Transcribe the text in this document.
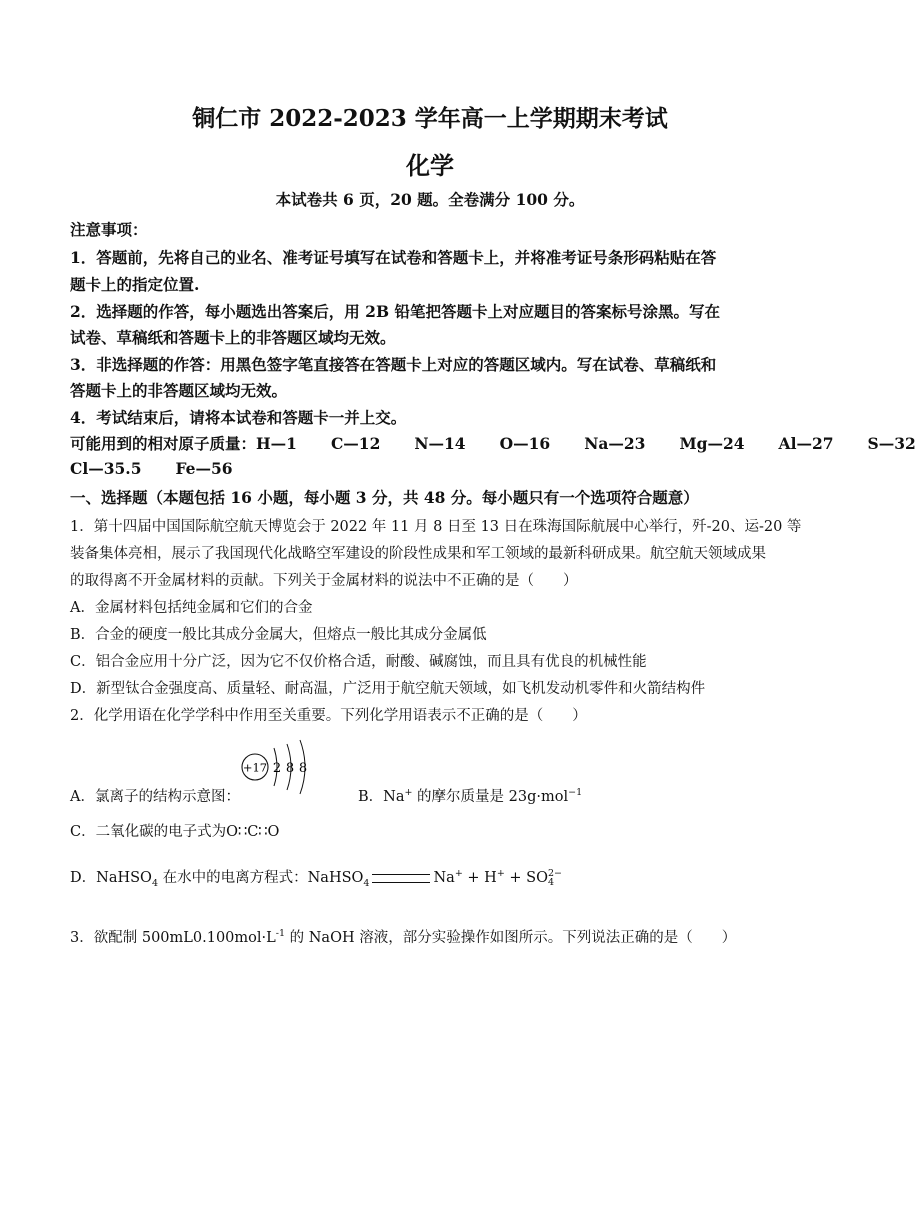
铜仁市 2022-2023 学年高一上学期期末考试
化学
本试卷共 6 页，20 题。全卷满分 100 分。
注意事项：
1．答题前，先将自己的业名、准考证号填写在试卷和答题卡上，并将准考证号条形码粘贴在答
题卡上的指定位置.
2．选择题的作答，每小题选出答案后，用 2B 铅笔把答题卡上对应题目的答案标号涂黑。写在
试卷、草稿纸和答题卡上的非答题区域均无效。
3．非选择题的作答：用黑色签字笔直接答在答题卡上对应的答题区域内。写在试卷、草稿纸和
答题卡上的非答题区域均无效。
4．考试结束后，请将本试卷和答题卡一并上交。
可能用到的相对原子质量：H—1 C—12 N—14 O—16 Na—23 Mg—24 Al—27 S—32
Cl—35.5 Fe—56
一、选择题（本题包括 16 小题，每小题 3 分，共 48 分。每小题只有一个选项符合题意）
1．第十四届中国国际航空航天博览会于 2022 年 11 月 8 日至 13 日在珠海国际航展中心举行，歼-20、运-20 等
装备集体亮相，展示了我国现代化战略空军建设的阶段性成果和军工领域的最新科研成果。航空航天领域成果
的取得离不开金属材料的贡献。下列关于金属材料的说法中不正确的是（　　）
A．金属材料包括纯金属和它们的合金
B．合金的硬度一般比其成分金属大，但熔点一般比其成分金属低
C．铝合金应用十分广泛，因为它不仅价格合适，耐酸、碱腐蚀，而且具有优良的机械性能
D．新型钛合金强度高、质量轻、耐高温，广泛用于航空航天领域，如飞机发动机零件和火箭结构件
2．化学用语在化学学科中作用至关重要。下列化学用语表示不正确的是（　　）
+17 2 8 8
A．氯离子的结构示意图：	B．Na+ 的摩尔质量是 23g·mol$^{-1}$
C．二氧化碳的电子式为O∷C∷O
D．NaHSO$_4$ 在水中的电离方程式：NaHSO$_4$	Na+ + H+ + SO 2−
4
3．欲配制 $500mL0.100mol\cdot L^{-1}$ 的 NaOH 溶液，部分实验操作如图所示。下列说法正确的是（　　）
